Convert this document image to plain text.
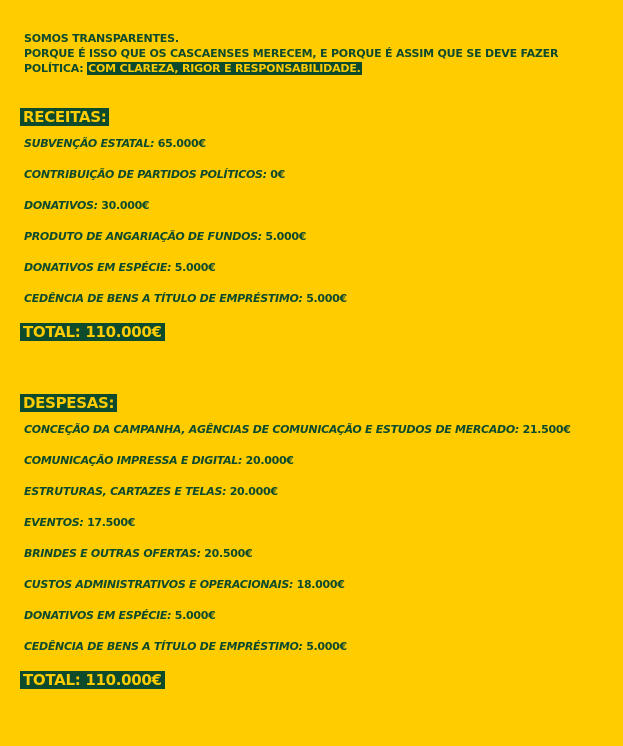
SOMOS TRANSPARENTES.
PORQUE É ISSO QUE OS CASCAENSES MERECEM, E PORQUE É ASSIM QUE SE DEVE FAZER
POLÍTICA: COM CLAREZA, RIGOR E RESPONSABILIDADE.
RECEITAS:
SUBVENÇÃO ESTATAL: 65.000€
CONTRIBUIÇÃO DE PARTIDOS POLÍTICOS: 0€
DONATIVOS: 30.000€
PRODUTO DE ANGARIAÇÃO DE FUNDOS: 5.000€
DONATIVOS EM ESPÉCIE: 5.000€
CEDÊNCIA DE BENS A TÍTULO DE EMPRÉSTIMO: 5.000€
TOTAL: 110.000€
DESPESAS:
CONCEÇÃO DA CAMPANHA, AGÊNCIAS DE COMUNICAÇÃO E ESTUDOS DE MERCADO: 21.500€
COMUNICAÇÃO IMPRESSA E DIGITAL: 20.000€
ESTRUTURAS, CARTAZES E TELAS: 20.000€
EVENTOS: 17.500€
BRINDES E OUTRAS OFERTAS: 20.500€
CUSTOS ADMINISTRATIVOS E OPERACIONAIS: 18.000€
DONATIVOS EM ESPÉCIE: 5.000€
CEDÊNCIA DE BENS A TÍTULO DE EMPRÉSTIMO: 5.000€
TOTAL: 110.000€
